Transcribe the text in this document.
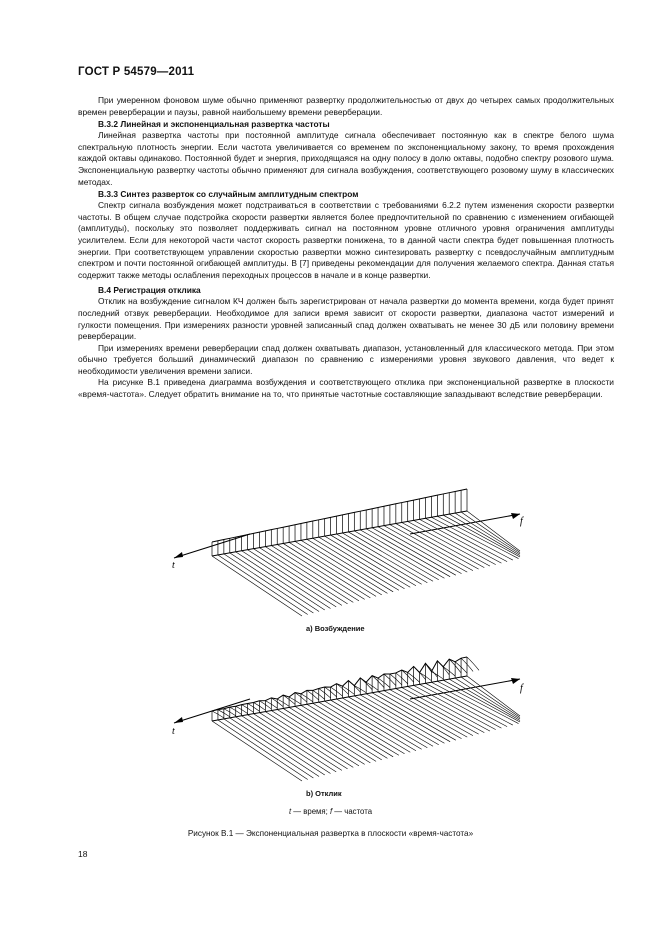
ГОСТ Р 54579—2011

При умеренном фоновом шуме обычно применяют развертку продолжительностью от двух до четырех самых продолжительных времен реверберации и паузы, равной наибольшему времени реверберации.

В.3.2 Линейная и экспоненциальная развертка частоты

Линейная развертка частоты при постоянной амплитуде сигнала обеспечивает постоянную как в спектре белого шума спектральную плотность энергии. Если частота увеличивается со временем по экспоненциальному закону, то время прохождения каждой октавы одинаково. Постоянной будет и энергия, приходящаяся на одну полосу в долю октавы, подобно спектру розового шума. Экспоненциальную развертку частоты обычно применяют для сигнала возбуждения, соответствующего розовому шуму в классических методах.

В.3.3 Синтез разверток со случайным амплитудным спектром

Спектр сигнала возбуждения может подстраиваться в соответствии с требованиями 6.2.2 путем изменения скорости развертки частоты. В общем случае подстройка скорости развертки является более предпочтительной по сравнению с изменением огибающей (амплитуды), поскольку это позволяет поддерживать сигнал на постоянном уровне отличного уровня ограничения амплитуды усилителем. Если для некоторой части частот скорость развертки понижена, то в данной части спектра будет повышенная плотность энергии. При соответствующем управлении скоростью развертки можно синтезировать развертку с псевдослучайным амплитудным спектром и почти постоянной огибающей амплитуды. В [7] приведены рекомендации для получения желаемого спектра. Данная статья содержит также методы ослабления переходных процессов в начале и в конце развертки.

В.4 Регистрация отклика

Отклик на возбуждение сигналом КЧ должен быть зарегистрирован от начала развертки до момента времени, когда будет принят последний отзвук реверберации. Необходимое для записи время зависит от скорости развертки, диапазона частот измерений и гулкости помещения. При измерениях разности уровней записанный спад должен охватывать не менее 30 дБ или половину времени реверберации.

При измерениях времени реверберации спад должен охватывать диапазон, установленный для классического метода. При этом обычно требуется больший динамический диапазон по сравнению с измерениями уровня звукового давления, что ведет к необходимости увеличения времени записи.

На рисунке В.1 приведена диаграмма возбуждения и соответствующего отклика при экспоненциальной развертке в плоскости «время-частота». Следует обратить внимание на то, что принятые частотные составляющие запаздывают вследствие реверберации.

t
f
t
f
a) Возбуждение
b) Отклик
t — время; f — частота
Рисунок В.1 — Экспоненциальная развертка в плоскости «время-частота»
18
